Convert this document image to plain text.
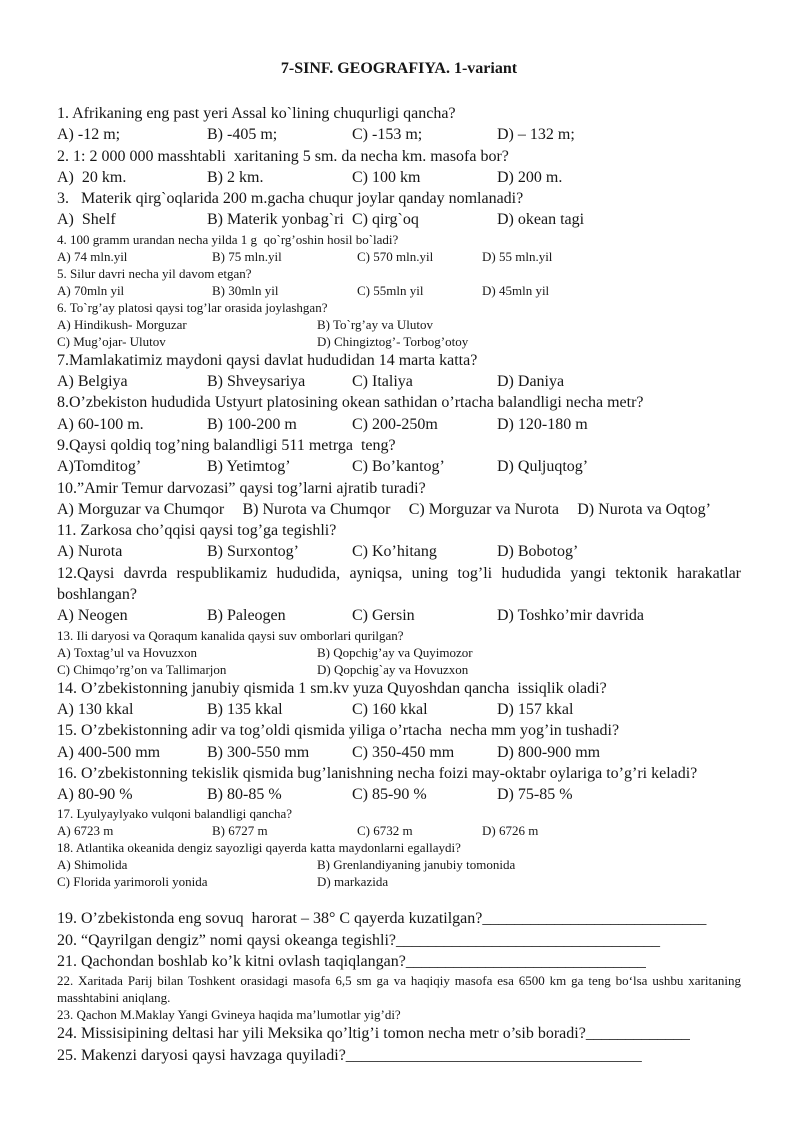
7-SINF. GEOGRAFIYA. 1-variant
1. Afrikaning eng past yeri Assal ko`lining chuqurligi qancha?
A) -12 m;	B) -405 m;	C) -153 m;	D) – 132 m;
2. 1: 2 000 000 masshtabli  xaritaning 5 sm. da necha km. masofa bor?
A)  20 km.	B) 2 km.	C) 100 km	D) 200 m.
3.   Materik qirg`oqlarida 200 m.gacha chuqur joylar qanday nomlanadi?
A)  Shelf	B) Materik yonbag`ri C) qirg`oq	D) okean tagi
4. 100 gramm urandan necha yilda 1 g  qo`rg’oshin hosil bo`ladi?
A) 74 mln.yil	B) 75 mln.yil	C) 570 mln.yil	D) 55 mln.yil
5. Silur davri necha yil davom etgan?
A) 70mln yil	B) 30mln yil	C) 55mln yil	D) 45mln yil
6. To`rg’ay platosi qaysi tog’lar orasida joylashgan?
A) Hindikush- Morguzar	B) To`rg’ay va Ulutov
C) Mug’ojar- Ulutov	D) Chingiztog’- Torbog’otoy
7.Mamlakatimiz maydoni qaysi davlat hududidan 14 marta katta?
A) Belgiya	B) Shveysariya	C) Italiya	D) Daniya
8.O’zbekiston hududida Ustyurt platosining okean sathidan o’rtacha balandligi necha metr?
A) 60-100 m.	B) 100-200 m	C) 200-250m	D) 120-180 m
9.Qaysi qoldiq tog’ning balandligi 511 metrga  teng?
A)Tomditog’	B) Yetimtog’	C) Bo’kantog’	D) Quljuqtog’
10.”Amir Temur darvozasi” qaysi tog’larni ajratib turadi?
A) Morguzar va Chumqor B) Nurota va Chumqor C) Morguzar va Nurota D) Nurota va Oqtog’
11. Zarkosa cho’qqisi qaysi tog’ga tegishli?
A) Nurota	B) Surxontog’	C) Ko’hitang	D) Bobotog’
12.Qaysi davrda respublikamiz hududida, ayniqsa, uning tog’li hududida yangi tektonik harakatlar boshlangan?
A) Neogen	B) Paleogen	C) Gersin	D) Toshko’mir davrida
13. Ili daryosi va Qoraqum kanalida qaysi suv omborlari qurilgan?
A) Toxtag’ul va Hovuzxon	B) Qopchig’ay va Quyimozor
C) Chimqo’rg’on va Tallimarjon	D) Qopchig`ay va Hovuzxon
14. O’zbekistonning janubiy qismida 1 sm.kv yuza Quyoshdan qancha  issiqlik oladi?
A) 130 kkal	B) 135 kkal	C) 160 kkal	D) 157 kkal
15. O’zbekistonning adir va tog’oldi qismida yiliga o’rtacha  necha mm yog’in tushadi?
A) 400-500 mm	B) 300-550 mm	C) 350-450 mm	D) 800-900 mm
16. O’zbekistonning tekislik qismida bug’lanishning necha foizi may-oktabr oylariga to’g’ri keladi?
A) 80-90 %	B) 80-85 %	C) 85-90 %	D) 75-85 %
17. Lyulyaylyako vulqoni balandligi qancha?
A) 6723 m	B) 6727 m	C) 6732 m	D) 6726 m
18. Atlantika okeanida dengiz sayozligi qayerda katta maydonlarni egallaydi?
A) Shimolida	B) Grenlandiyaning janubiy tomonida
C) Florida yarimoroli yonida	D) markazida
19. O’zbekistonda eng sovuq  harorat – 38° C qayerda kuzatilgan?____________________________
20. “Qayrilgan dengiz” nomi qaysi okeanga tegishli?_________________________________
21. Qachondan boshlab ko’k kitni ovlash taqiqlangan?______________________________
22. Xaritada Parij bilan Toshkent orasidagi masofa 6,5 sm ga va haqiqiy masofa esa 6500 km ga teng bo‘lsa ushbu xaritaning masshtabini aniqlang.
23. Qachon M.Maklay Yangi Gvineya haqida ma’lumotlar yig’di?
24. Missisipining deltasi har yili Meksika qo’ltig’i tomon necha metr o’sib boradi?_____________
25. Makenzi daryosi qaysi havzaga quyiladi?_____________________________________
